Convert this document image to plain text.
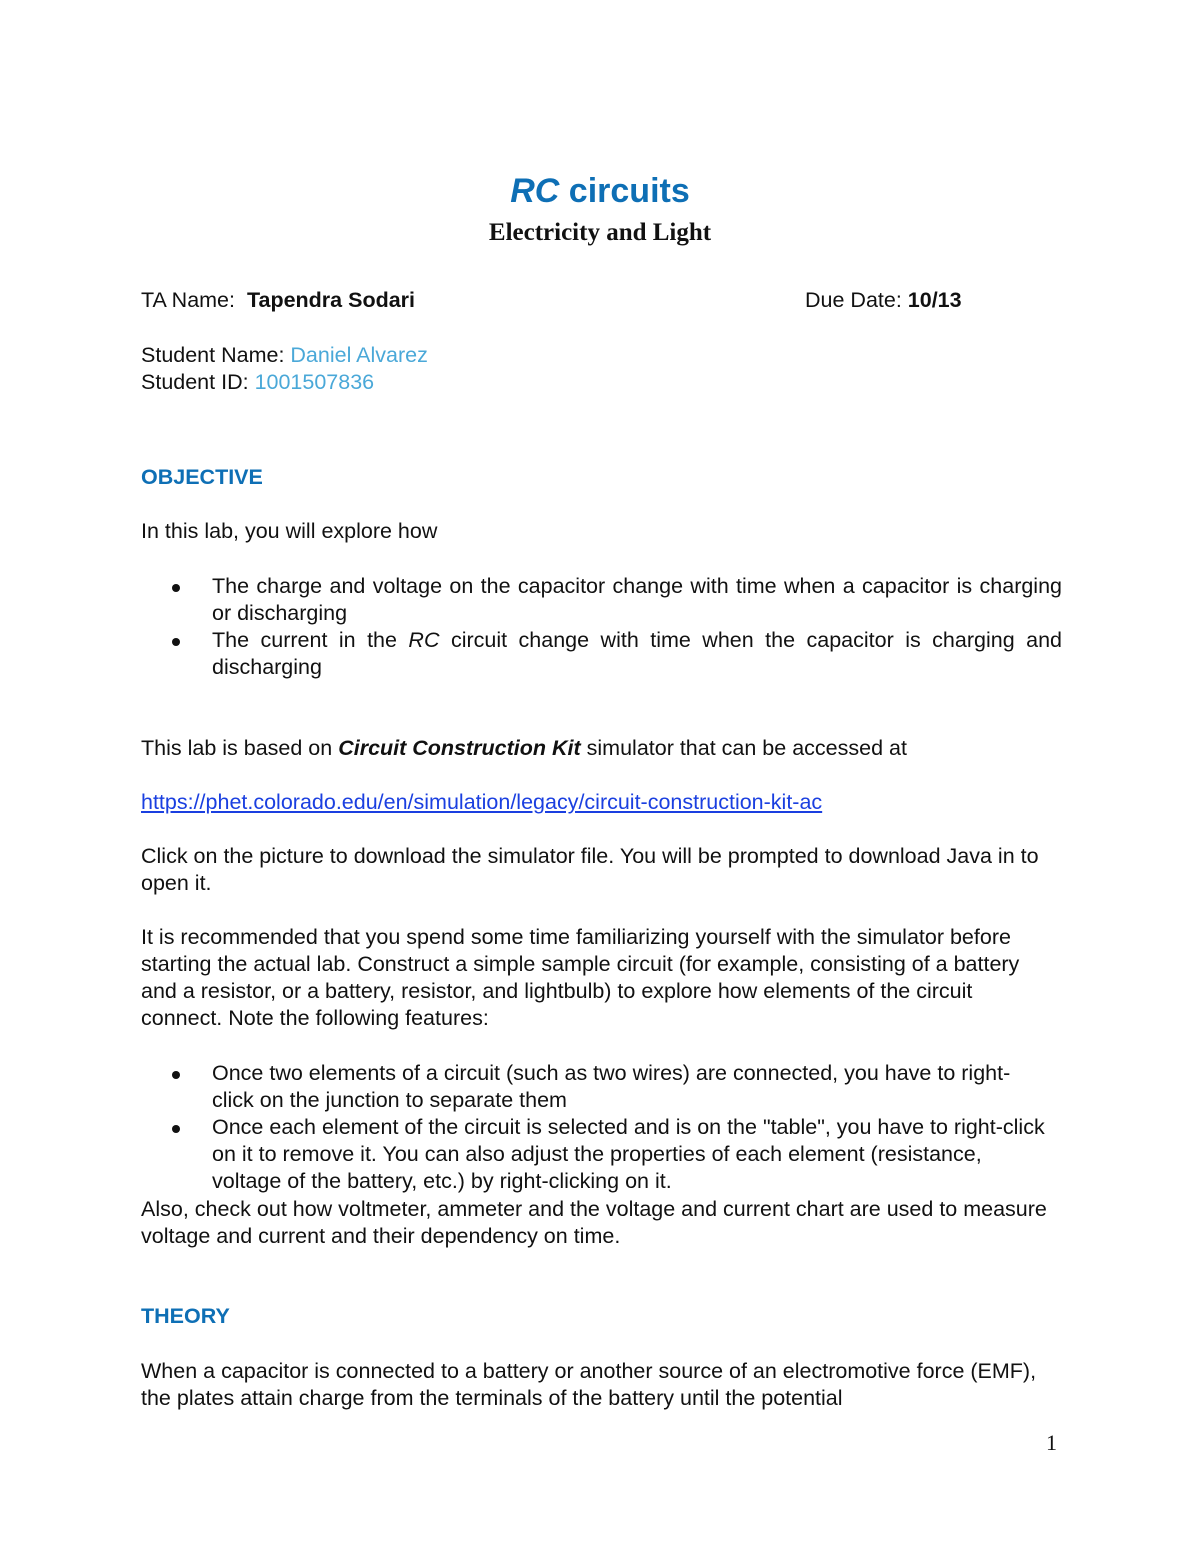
RC circuits
Electricity and Light
TA Name: Tapendra Sodari	Due Date: 10/13
Student Name: Daniel Alvarez
Student ID: 1001507836
OBJECTIVE
In this lab, you will explore how
The charge and voltage on the capacitor change with time when a capacitor is charging or discharging
The current in the RC circuit change with time when the capacitor is charging and discharging
This lab is based on Circuit Construction Kit simulator that can be accessed at
https://phet.colorado.edu/en/simulation/legacy/circuit-construction-kit-ac
Click on the picture to download the simulator file. You will be prompted to download Java in to open it.
It is recommended that you spend some time familiarizing yourself with the simulator before starting the actual lab. Construct a simple sample circuit (for example, consisting of a battery and a resistor, or a battery, resistor, and lightbulb) to explore how elements of the circuit connect. Note the following features:
Once two elements of a circuit (such as two wires) are connected, you have to right-click on the junction to separate them
Once each element of the circuit is selected and is on the "table", you have to right-click on it to remove it. You can also adjust the properties of each element (resistance, voltage of the battery, etc.) by right-clicking on it.
Also, check out how voltmeter, ammeter and the voltage and current chart are used to measure voltage and current and their dependency on time.
THEORY
When a capacitor is connected to a battery or another source of an electromotive force (EMF), the plates attain charge from the terminals of the battery until the potential
1
